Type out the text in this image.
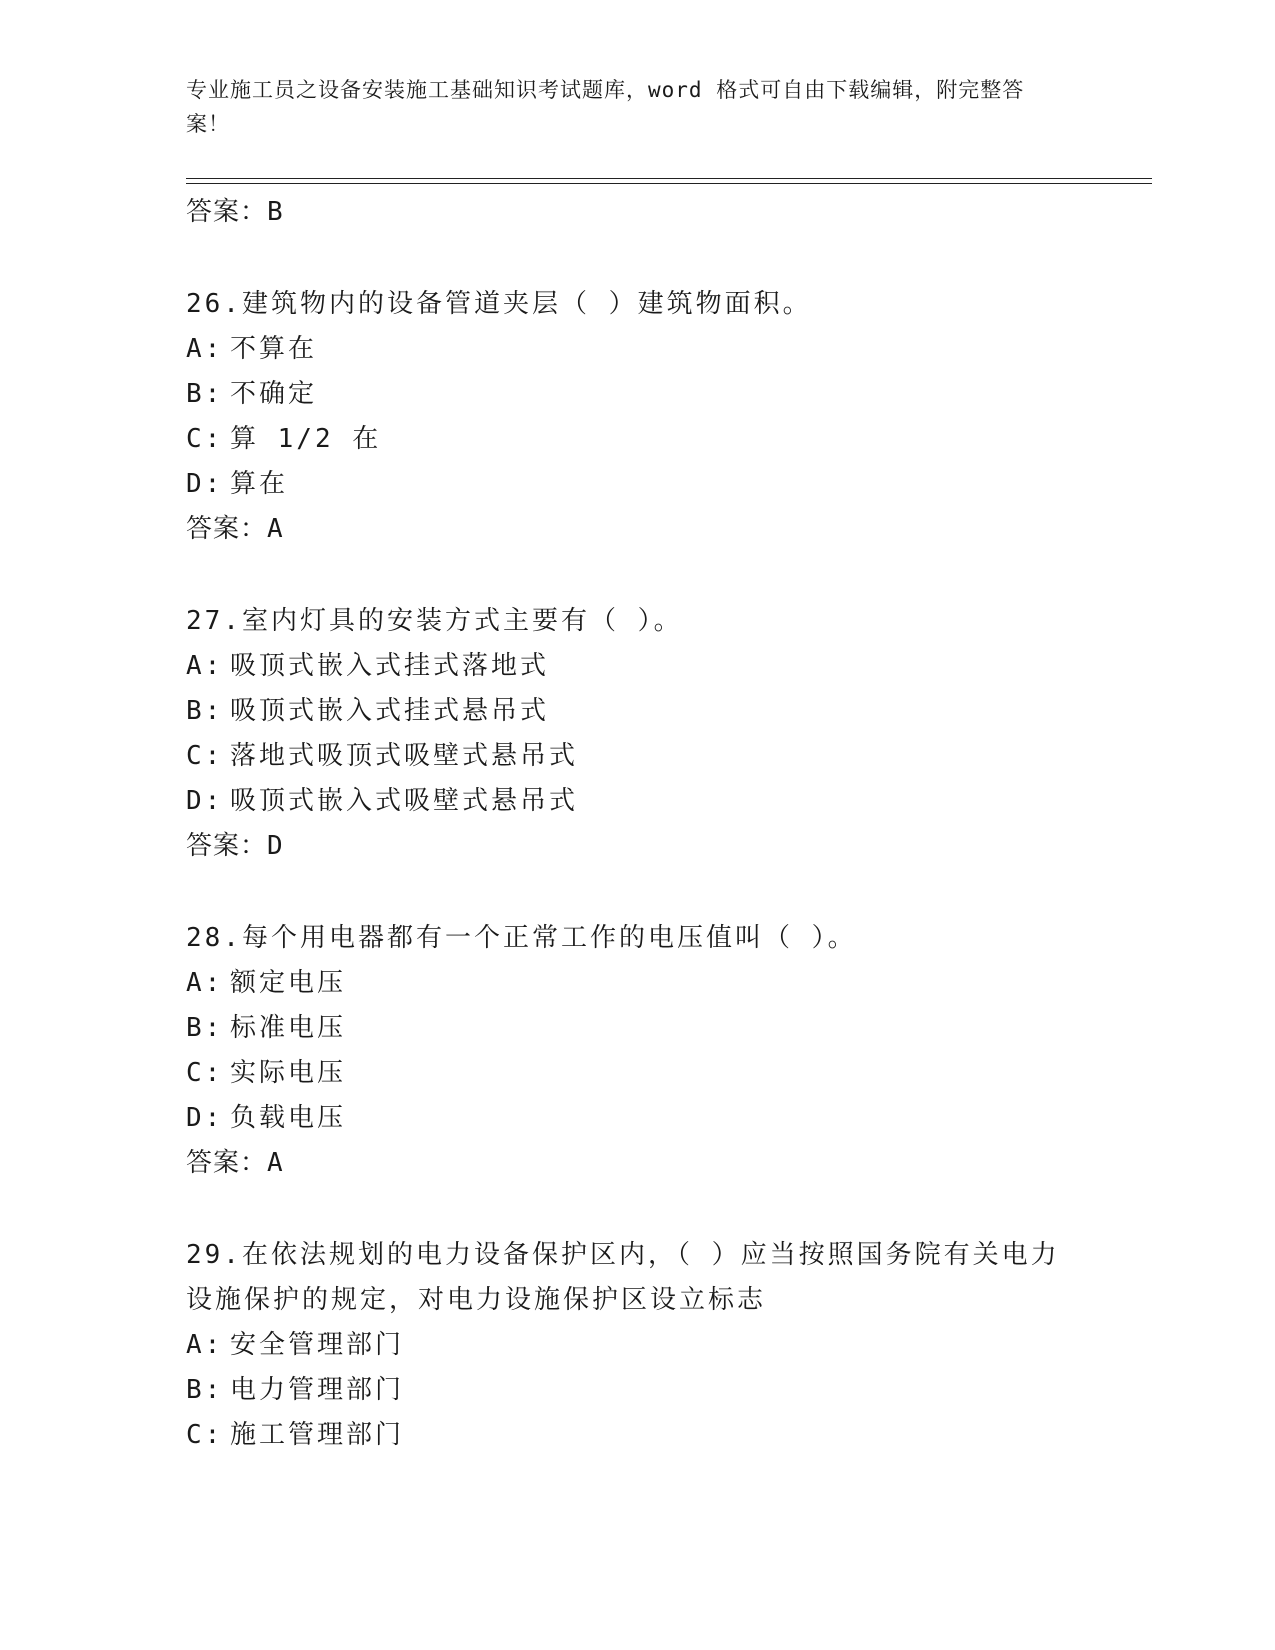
专业施工员之设备安装施工基础知识考试题库，word 格式可自由下载编辑，附完整答案！

答案：B

26.建筑物内的设备管道夹层（ ）建筑物面积。

A: 不算在

B: 不确定

C: 算 1/2 在

D: 算在

答案：A

27.室内灯具的安装方式主要有（ ）。

A: 吸顶式嵌入式挂式落地式

B: 吸顶式嵌入式挂式悬吊式

C: 落地式吸顶式吸壁式悬吊式

D: 吸顶式嵌入式吸壁式悬吊式

答案：D

28.每个用电器都有一个正常工作的电压值叫（ ）。

A: 额定电压

B: 标准电压

C: 实际电压

D: 负载电压

答案：A

29.在依法规划的电力设备保护区内，（ ）应当按照国务院有关电力设施保护的规定，对电力设施保护区设立标志

A: 安全管理部门

B: 电力管理部门

C: 施工管理部门
